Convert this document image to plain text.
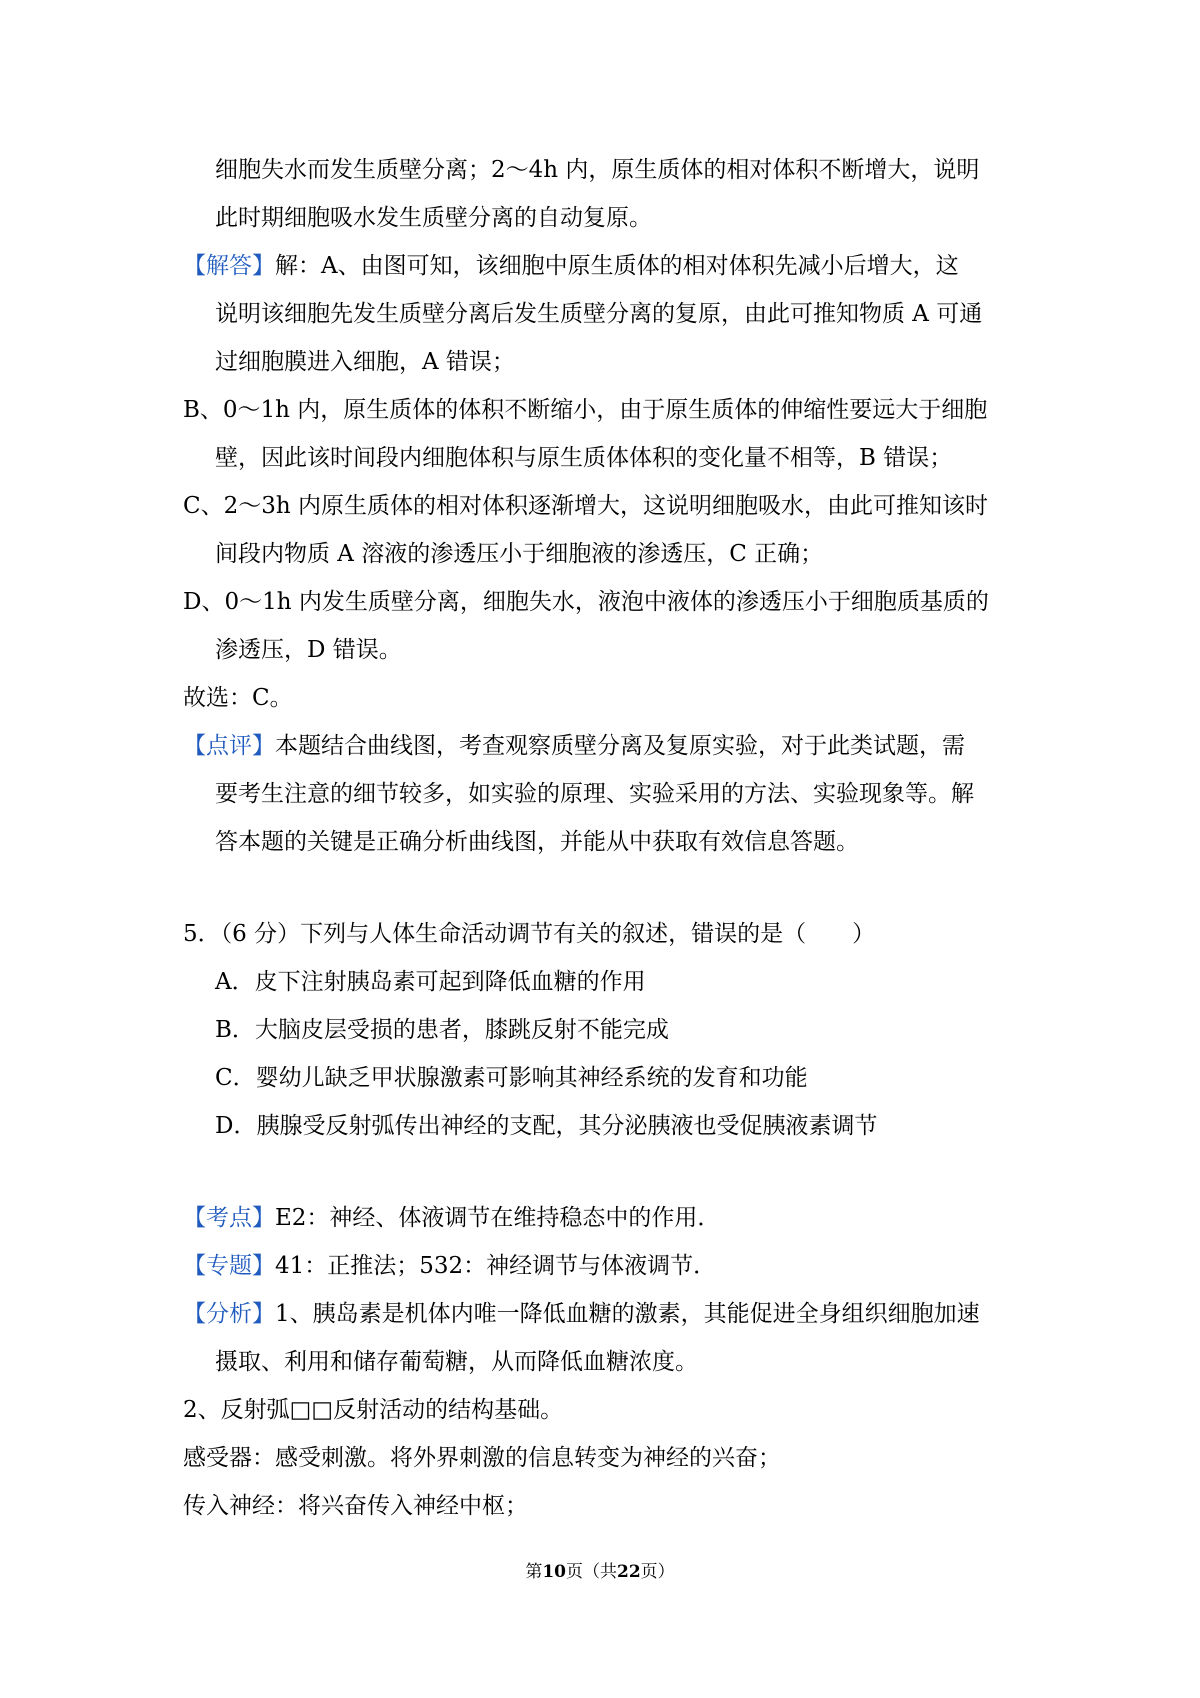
细胞失水而发生质壁分离；2～4h 内，原生质体的相对体积不断增大，说明
此时期细胞吸水发生质壁分离的自动复原。
【解答】解：A、由图可知，该细胞中原生质体的相对体积先减小后增大，这
说明该细胞先发生质壁分离后发生质壁分离的复原，由此可推知物质 A 可通
过细胞膜进入细胞，A 错误；
B、0～1h 内，原生质体的体积不断缩小，由于原生质体的伸缩性要远大于细胞
壁，因此该时间段内细胞体积与原生质体体积的变化量不相等，B 错误；
C、2～3h 内原生质体的相对体积逐渐增大，这说明细胞吸水，由此可推知该时
间段内物质 A 溶液的渗透压小于细胞液的渗透压，C 正确；
D、0～1h 内发生质壁分离，细胞失水，液泡中液体的渗透压小于细胞质基质的
渗透压，D 错误。
故选：C。
【点评】本题结合曲线图，考查观察质壁分离及复原实验，对于此类试题，需
要考生注意的细节较多，如实验的原理、实验采用的方法、实验现象等。解
答本题的关键是正确分析曲线图，并能从中获取有效信息答题。
5．（6 分）下列与人体生命活动调节有关的叙述，错误的是（　　）
A．皮下注射胰岛素可起到降低血糖的作用
B．大脑皮层受损的患者，膝跳反射不能完成
C．婴幼儿缺乏甲状腺激素可影响其神经系统的发育和功能
D．胰腺受反射弧传出神经的支配，其分泌胰液也受促胰液素调节
【考点】E2：神经、体液调节在维持稳态中的作用．
【专题】41：正推法；532：神经调节与体液调节．
【分析】1、胰岛素是机体内唯一降低血糖的激素，其能促进全身组织细胞加速
摄取、利用和储存葡萄糖，从而降低血糖浓度。
2、反射弧□□反射活动的结构基础。
感受器：感受刺激。将外界刺激的信息转变为神经的兴奋；
传入神经：将兴奋传入神经中枢；
第10页（共22页）
